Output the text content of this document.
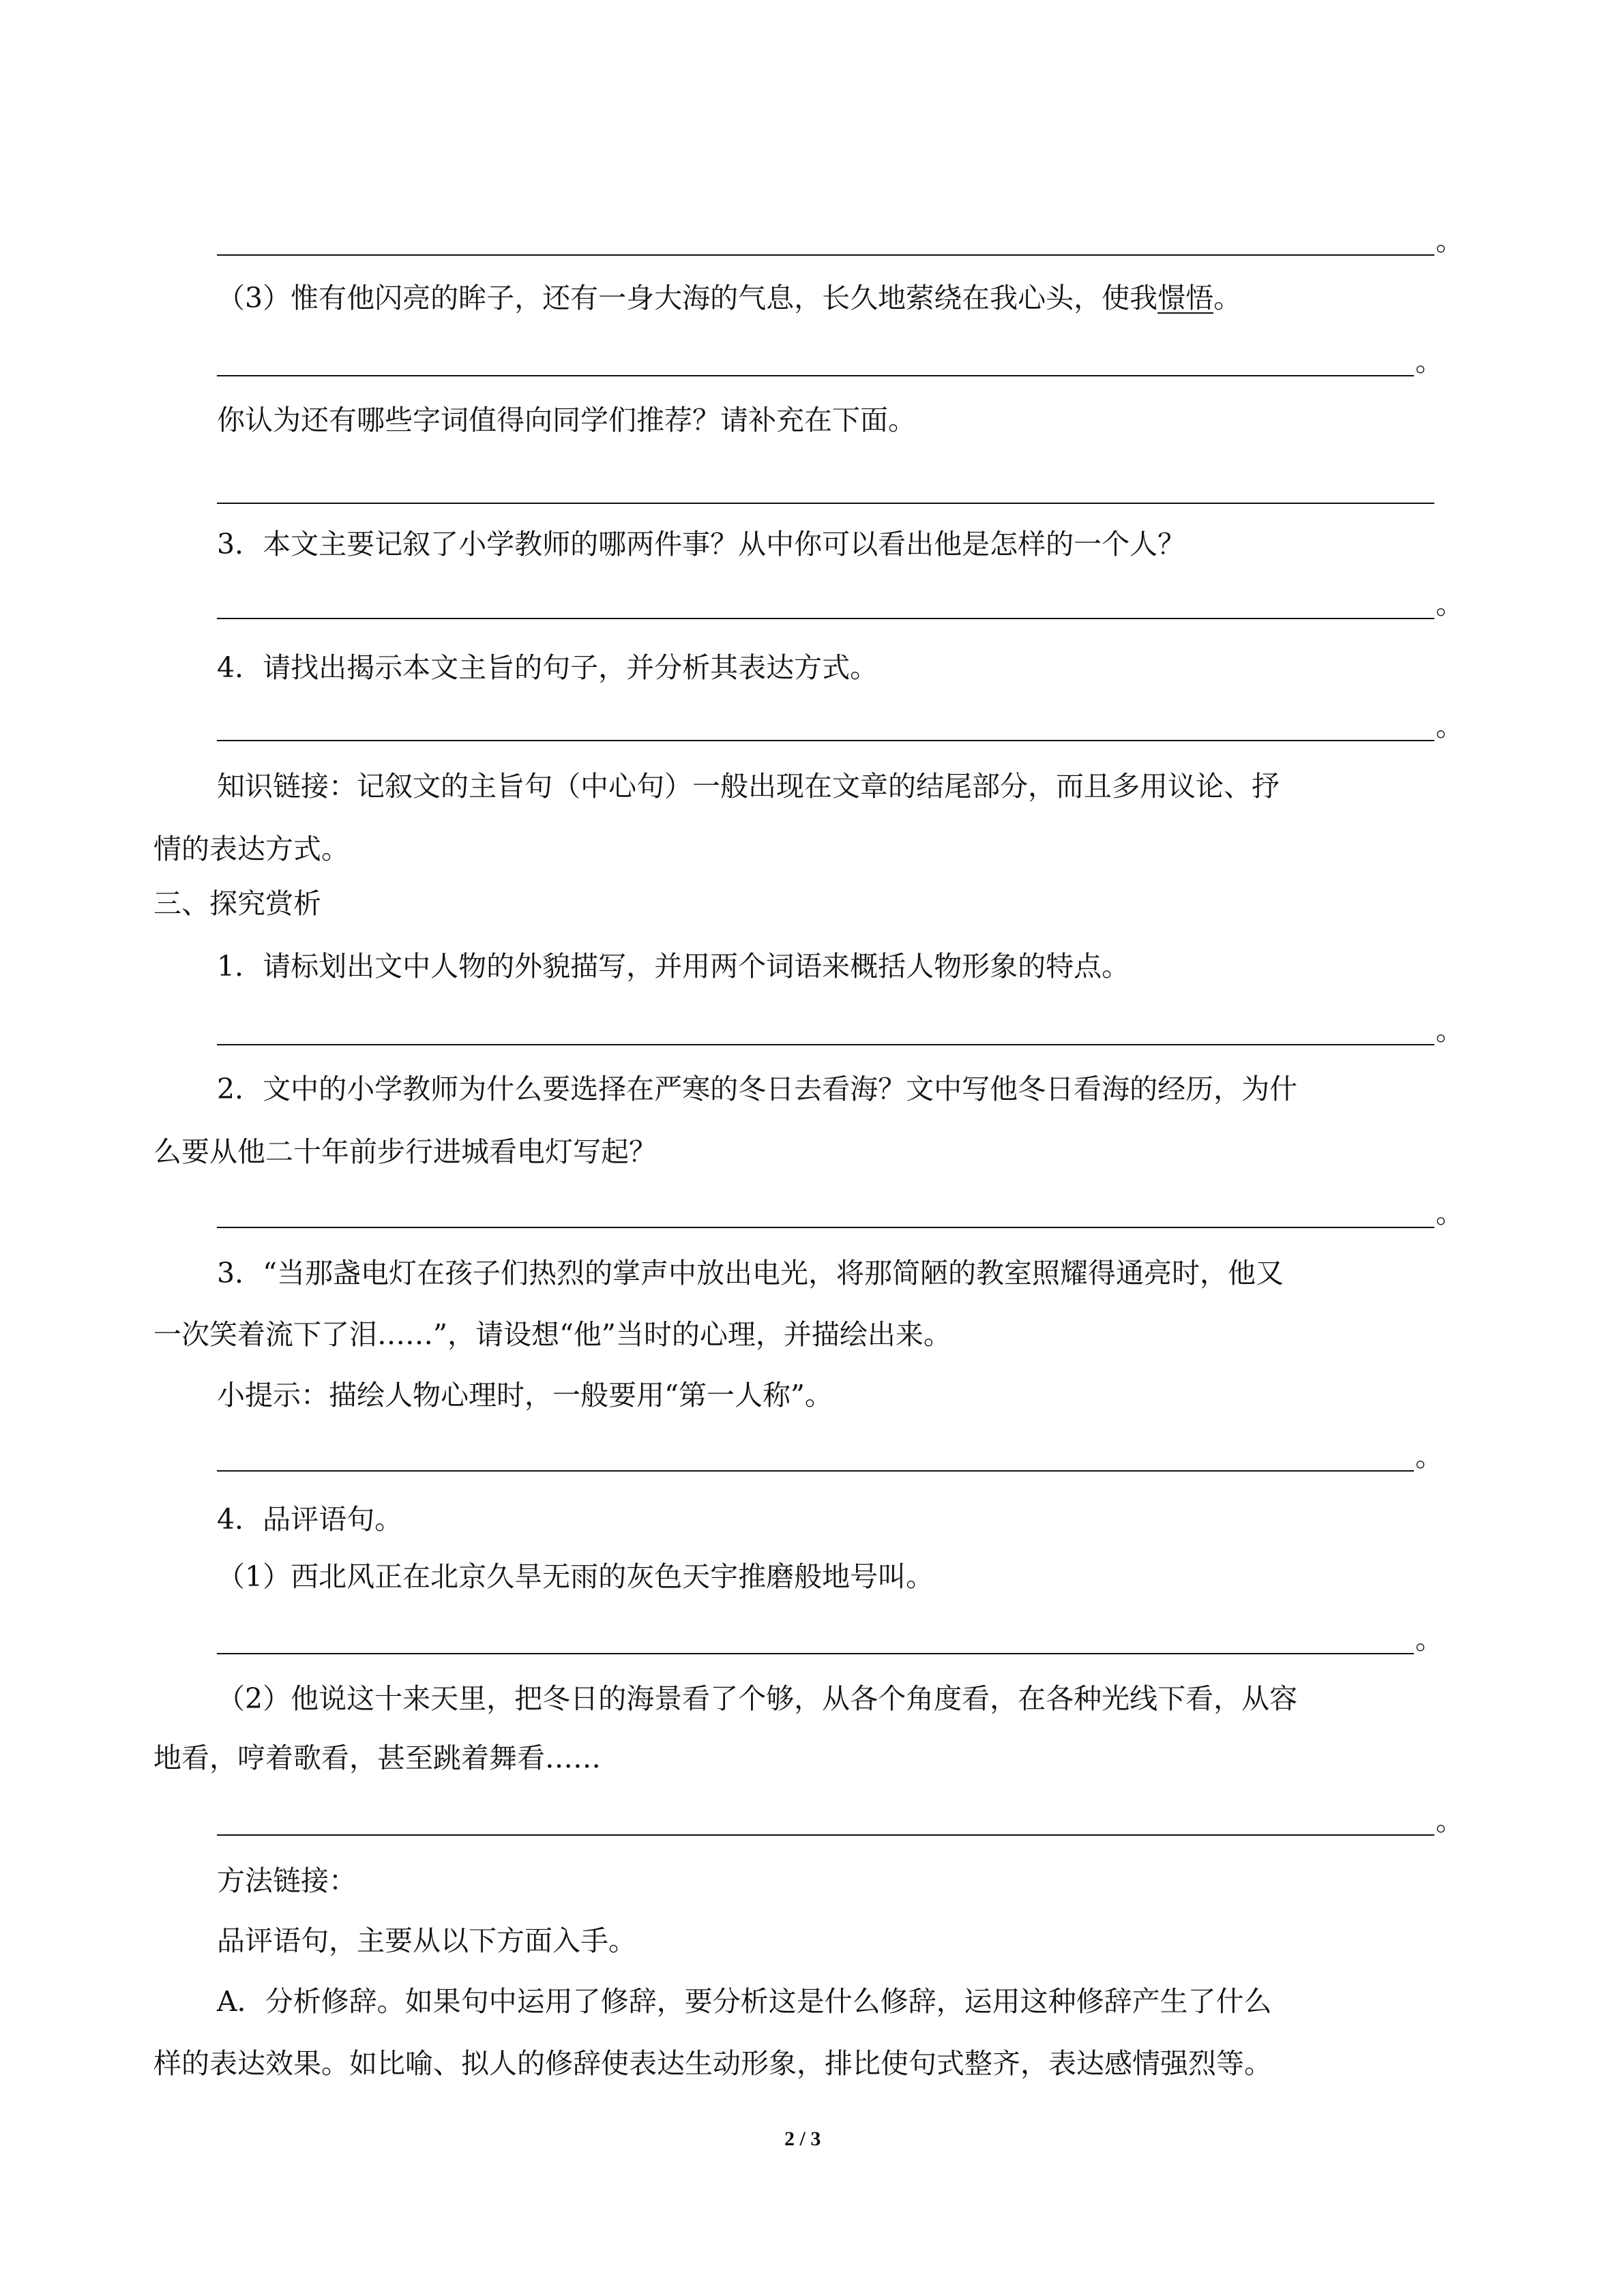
。
（3）惟有他闪亮的眸子，还有一身大海的气息，长久地萦绕在我心头，使我憬悟。
。
你认为还有哪些字词值得向同学们推荐？请补充在下面。
3．本文主要记叙了小学教师的哪两件事？从中你可以看出他是怎样的一个人？
。
4．请找出揭示本文主旨的句子，并分析其表达方式。
。
知识链接：记叙文的主旨句（中心句）一般出现在文章的结尾部分，而且多用议论、抒
情的表达方式。
三、探究赏析
1．请标划出文中人物的外貌描写，并用两个词语来概括人物形象的特点。
。
2．文中的小学教师为什么要选择在严寒的冬日去看海？文中写他冬日看海的经历，为什
么要从他二十年前步行进城看电灯写起？
。
3．“当那盏电灯在孩子们热烈的掌声中放出电光，将那简陋的教室照耀得通亮时，他又
一次笑着流下了泪……”，请设想“他”当时的心理，并描绘出来。
小提示：描绘人物心理时，一般要用“第一人称”。
。
4．品评语句。
（1）西北风正在北京久旱无雨的灰色天宇推磨般地号叫。
。
（2）他说这十来天里，把冬日的海景看了个够，从各个角度看，在各种光线下看，从容
地看，哼着歌看，甚至跳着舞看……
。
方法链接：
品评语句，主要从以下方面入手。
A．分析修辞。如果句中运用了修辞，要分析这是什么修辞，运用这种修辞产生了什么
样的表达效果。如比喻、拟人的修辞使表达生动形象，排比使句式整齐，表达感情强烈等。
2 / 3
